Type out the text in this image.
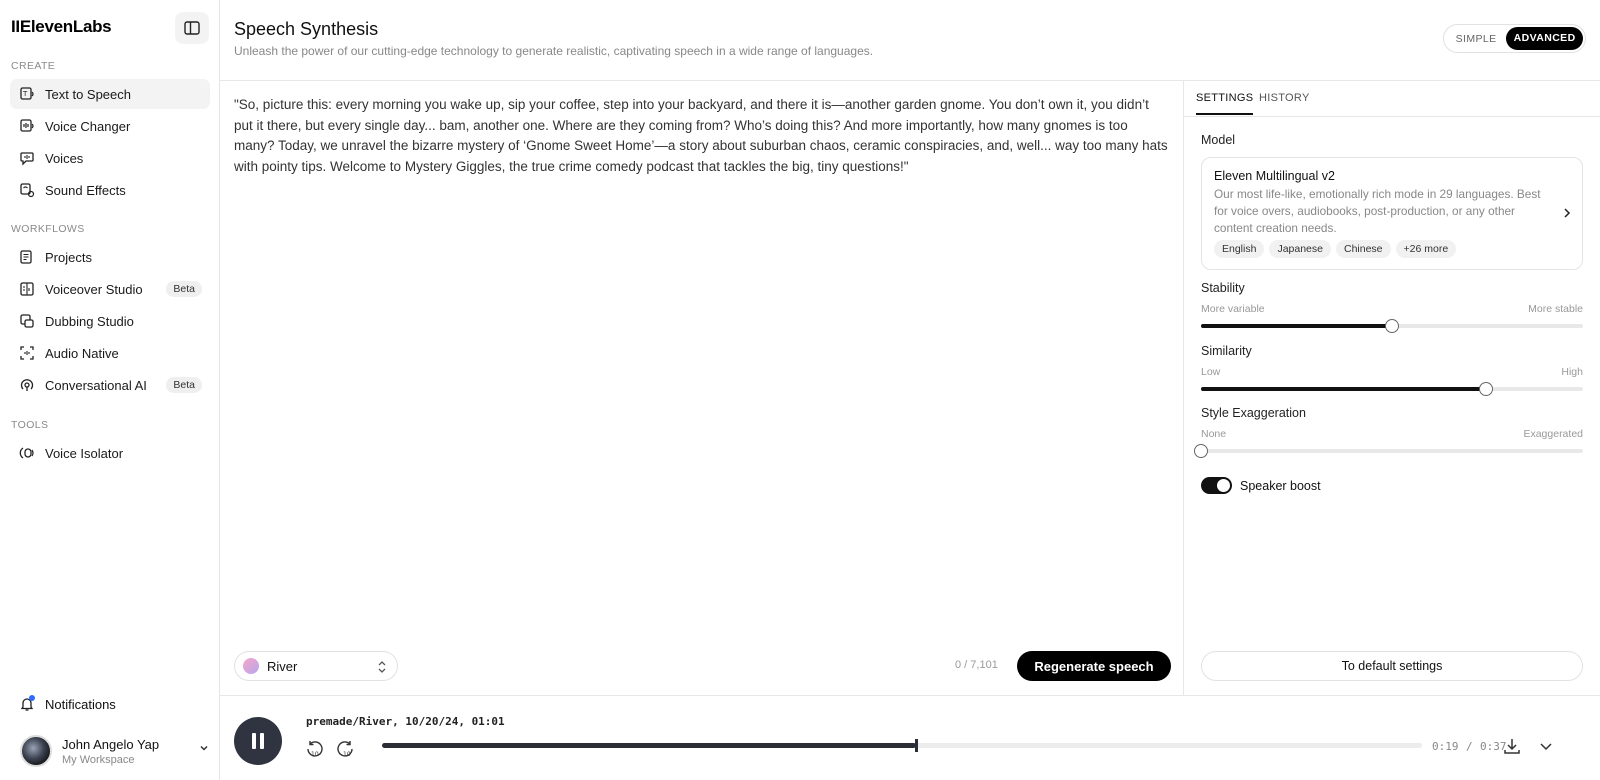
IIElevenLabs
CREATE
T Text to Speech
Voice Changer
Voices
Sound Effects
WORKFLOWS
Projects
Voiceover Studio	Beta
Dubbing Studio
Audio Native
Conversational AI	Beta
TOOLS
Voice Isolator
Notifications
John Angelo Yap
My Workspace
Speech Synthesis
Unleash the power of our cutting-edge technology to generate realistic, captivating speech in a wide range of languages.
SIMPLE	ADVANCED
"So, picture this: every morning you wake up, sip your coffee, step into your backyard, and there it is—another garden gnome. You don’t own it, you didn’t put it there, but every single day... bam, another one. Where are they coming from? Who’s doing this? And more importantly, how many gnomes is too many? Today, we unravel the bizarre mystery of ‘Gnome Sweet Home’—a story about suburban chaos, ceramic conspiracies, and, well... way too many hats with pointy tips. Welcome to Mystery Giggles, the true crime comedy podcast that tackles the big, tiny questions!"
River	0 / 7,101	Regenerate speech
SETTINGS HISTORY
Model
Eleven Multilingual v2
Our most life-like, emotionally rich mode in 29 languages. Best for voice overs, audiobooks, post-production, or any other content creation needs.
English	Japanese	Chinese	+26 more
Stability
More variable	More stable
Similarity
Low	High
Style Exaggeration
None	Exaggerated
Speaker boost
To default settings
premade/River, 10/20/24, 01:01
10	10
0:19 / 0:37
